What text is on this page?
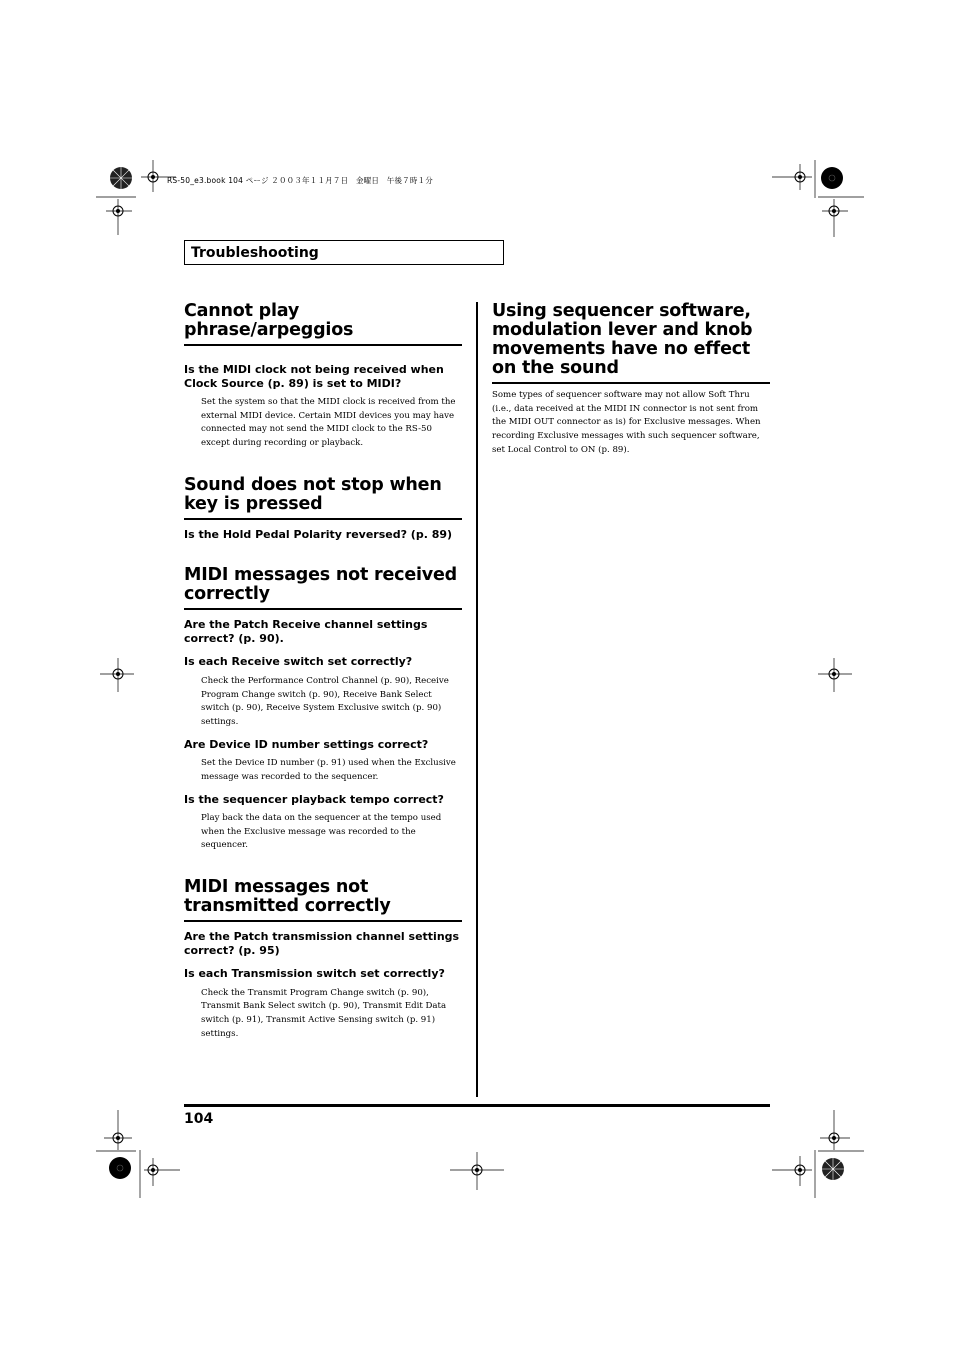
RS-50_e3.book 104 ページ ２００３年１１月７日　金曜日　午後７時１分
Troubleshooting
Cannot play phrase/arpeggios

Is the MIDI clock not being received when Clock Source (p. 89) is set to MIDI?

Set the system so that the MIDI clock is received from the external MIDI device. Certain MIDI devices you may have connected may not send the MIDI clock to the RS-50 except during recording or playback.

Sound does not stop when key is pressed

Is the Hold Pedal Polarity reversed? (p. 89)

MIDI messages not received correctly

Are the Patch Receive channel settings correct? (p. 90).

Is each Receive switch set correctly?

Check the Performance Control Channel (p. 90), Receive Program Change switch (p. 90), Receive Bank Select switch (p. 90), Receive System Exclusive switch (p. 90) settings.

Are Device ID number settings correct?

Set the Device ID number (p. 91) used when the Exclusive message was recorded to the sequencer.

Is the sequencer playback tempo correct?

Play back the data on the sequencer at the tempo used when the Exclusive message was recorded to the sequencer.

MIDI messages not transmitted correctly

Are the Patch transmission channel settings correct? (p. 95)

Is each Transmission switch set correctly?

Check the Transmit Program Change switch (p. 90), Transmit Bank Select switch (p. 90), Transmit Edit Data switch (p. 91), Transmit Active Sensing switch (p. 91) settings.

Using sequencer software, modulation lever and knob movements have no effect on the sound

Some types of sequencer software may not allow Soft Thru (i.e., data received at the MIDI IN connector is not sent from the MIDI OUT connector as is) for Exclusive messages. When recording Exclusive messages with such sequencer software, set Local Control to ON (p. 89).

104
